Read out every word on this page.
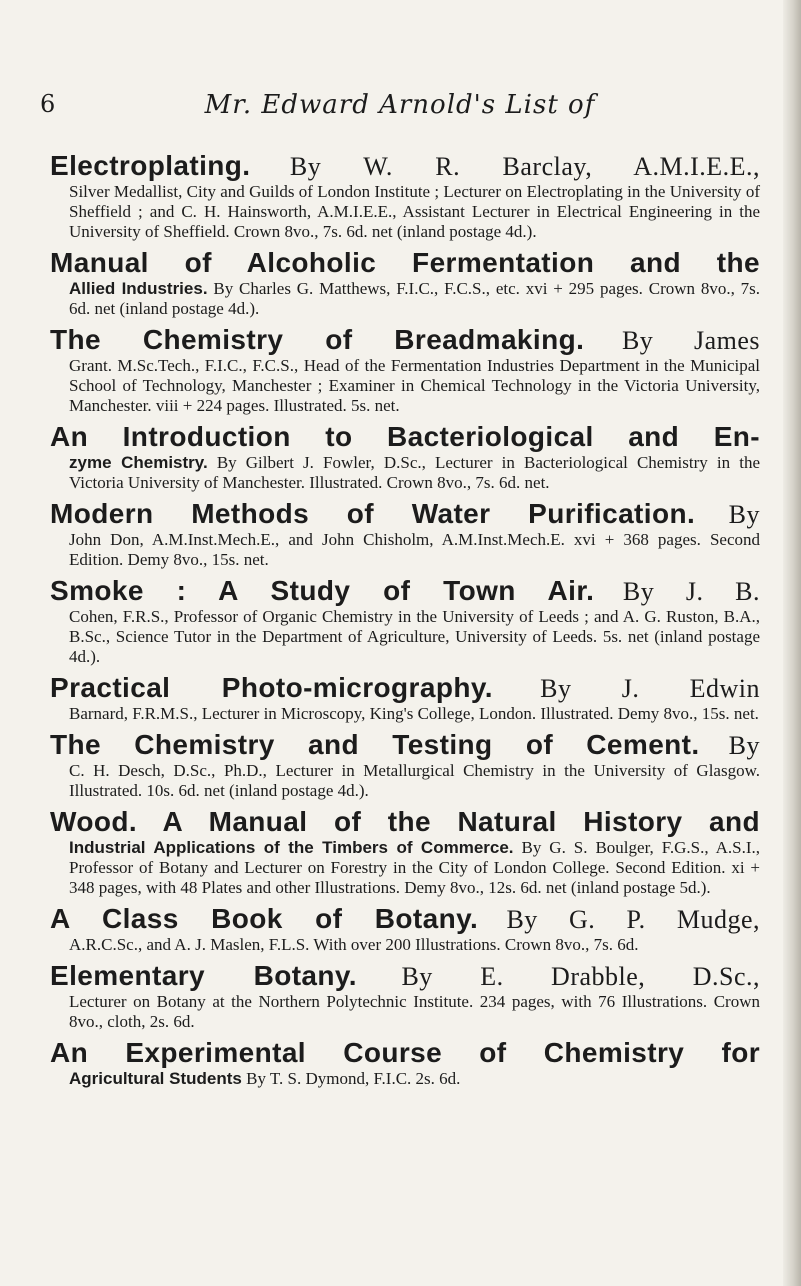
6	Mr. Edward Arnold's List of
Electroplating. By W. R. Barclay, A.M.I.E.E.,
Silver Medallist, City and Guilds of London Institute ; Lecturer on Electroplating in the University of Sheffield ; and C. H. Hainsworth, A.M.I.E.E., Assistant Lecturer in Electrical Engineering in the University of Sheffield. Crown 8vo., 7s. 6d. net (inland postage 4d.).
Manual of Alcoholic Fermentation and the
Allied Industries. By Charles G. Matthews, F.I.C., F.C.S., etc. xvi + 295 pages. Crown 8vo., 7s. 6d. net (inland postage 4d.).
The Chemistry of Breadmaking. By James
Grant. M.Sc.Tech., F.I.C., F.C.S., Head of the Fermentation Industries Department in the Municipal School of Technology, Manchester ; Examiner in Chemical Technology in the Victoria University, Manchester. viii + 224 pages. Illustrated. 5s. net.
An Introduction to Bacteriological and En-
zyme Chemistry. By Gilbert J. Fowler, D.Sc., Lecturer in Bacteriological Chemistry in the Victoria University of Manchester. Illustrated. Crown 8vo., 7s. 6d. net.
Modern Methods of Water Purification. By
John Don, A.M.Inst.Mech.E., and John Chisholm, A.M.Inst.Mech.E. xvi + 368 pages. Second Edition. Demy 8vo., 15s. net.
Smoke : A Study of Town Air. By J. B.
Cohen, F.R.S., Professor of Organic Chemistry in the University of Leeds ; and A. G. Ruston, B.A., B.Sc., Science Tutor in the Department of Agriculture, University of Leeds. 5s. net (inland postage 4d.).
Practical Photo-micrography. By J. Edwin
Barnard, F.R.M.S., Lecturer in Microscopy, King's College, London. Illustrated. Demy 8vo., 15s. net.
The Chemistry and Testing of Cement. By
C. H. Desch, D.Sc., Ph.D., Lecturer in Metallurgical Chemistry in the University of Glasgow. Illustrated. 10s. 6d. net (inland postage 4d.).
Wood. A Manual of the Natural History and
Industrial Applications of the Timbers of Commerce. By G. S. Boulger, F.G.S., A.S.I., Professor of Botany and Lecturer on Forestry in the City of London College. Second Edition. xi + 348 pages, with 48 Plates and other Illustrations. Demy 8vo., 12s. 6d. net (inland postage 5d.).
A Class Book of Botany. By G. P. Mudge,
A.R.C.Sc., and A. J. Maslen, F.L.S. With over 200 Illustrations. Crown 8vo., 7s. 6d.
Elementary Botany. By E. Drabble, D.Sc.,
Lecturer on Botany at the Northern Polytechnic Institute. 234 pages, with 76 Illustrations. Crown 8vo., cloth, 2s. 6d.
An Experimental Course of Chemistry for
Agricultural Students By T. S. Dymond, F.I.C. 2s. 6d.
